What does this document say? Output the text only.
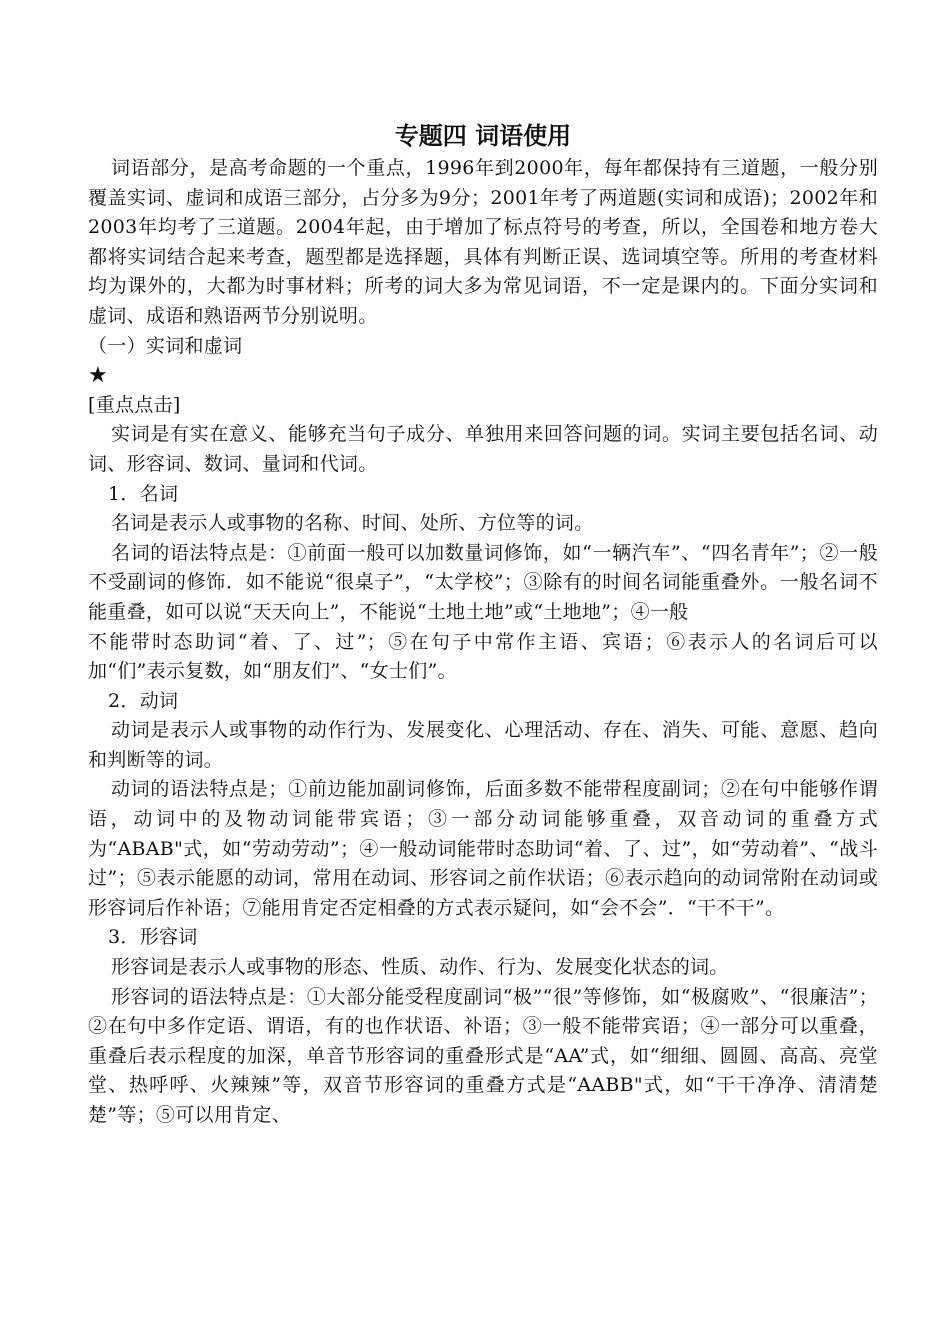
专题四 词语使用

词语部分，是高考命题的一个重点，1996年到2000年，每年都保持有三道题，一般分别覆盖实词、虚词和成语三部分，占分多为9分；2001年考了两道题(实词和成语)；2002年和2003年均考了三道题。2004年起，由于增加了标点符号的考查，所以，全国卷和地方卷大都将实词结合起来考查，题型都是选择题，具体有判断正误、选词填空等。所用的考查材料均为课外的，大都为时事材料；所考的词大多为常见词语，不一定是课内的。下面分实词和虚词、成语和熟语两节分别说明。

（一）实词和虚词

★

[重点点击]

实词是有实在意义、能够充当句子成分、单独用来回答问题的词。实词主要包括名词、动词、形容词、数词、量词和代词。

1．名词

名词是表示人或事物的名称、时间、处所、方位等的词。

名词的语法特点是：①前面一般可以加数量词修饰，如“一辆汽车”、“四名青年”；②一般不受副词的修饰．如不能说“很桌子”，“太学校”；③除有的时间名词能重叠外。一般名词不能重叠，如可以说“天天向上”，不能说“土地土地”或“土地地”；④一般

不能带时态助词“着、了、过”；⑤在句子中常作主语、宾语；⑥表示人的名词后可以加“们”表示复数，如“朋友们”、“女士们”。

2．动词

动词是表示人或事物的动作行为、发展变化、心理活动、存在、消失、可能、意愿、趋向和判断等的词。

动词的语法特点是；①前边能加副词修饰，后面多数不能带程度副词；②在句中能够作谓语，动词中的及物动词能带宾语；③一部分动词能够重叠，双音动词的重叠方式为“ABAB"式，如“劳动劳动”；④一般动词能带时态助词“着、了、过”，如“劳动着”、“战斗过”；⑤表示能愿的动词，常用在动词、形容词之前作状语；⑥表示趋向的动词常附在动词或形容词后作补语；⑦能用肯定否定相叠的方式表示疑问，如“会不会”．“干不干”。

3．形容词

形容词是表示人或事物的形态、性质、动作、行为、发展变化状态的词。

形容词的语法特点是：①大部分能受程度副词“极”“很”等修饰，如“极腐败”、“很廉洁”；②在句中多作定语、谓语，有的也作状语、补语；③一般不能带宾语；④一部分可以重叠，重叠后表示程度的加深，单音节形容词的重叠形式是“AA”式，如“细细、圆圆、高高、亮堂堂、热呼呼、火辣辣”等，双音节形容词的重叠方式是“AABB"式，如“干干净净、清清楚楚”等；⑤可以用肯定、
